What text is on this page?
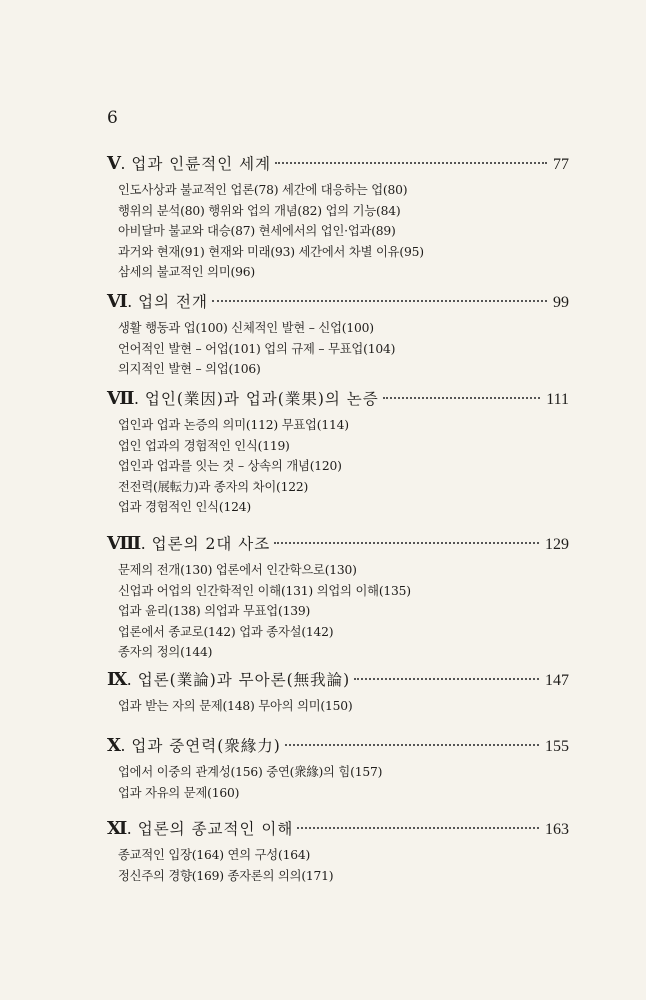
6
Ⅴ . 업과 인륜적인 세계	77
인도사상과 불교적인 업론(78) 세간에 대응하는 업(80)
행위의 분석(80) 행위와 업의 개념(82) 업의 기능(84)
아비달마 불교와 대승(87) 현세에서의 업인·업과(89)
과거와 현재(91) 현재와 미래(93) 세간에서 차별 이유(95)
삼세의 불교적인 의미(96)
Ⅵ . 업의 전개	99
생활 행동과 업(100) 신체적인 발현 – 신업(100)
언어적인 발현 – 어업(101) 업의 규제 – 무표업(104)
의지적인 발현 – 의업(106)
Ⅶ . 업인(業因)과 업과(業果)의 논증	111
업인과 업과 논증의 의미(112) 무표업(114)
업인 업과의 경험적인 인식(119)
업인과 업과를 잇는 것 – 상속의 개념(120)
전전력(展転力)과 종자의 차이(122)
업과 경험적인 인식(124)
Ⅷ . 업론의 2대 사조	129
문제의 전개(130) 업론에서 인간학으로(130)
신업과 어업의 인간학적인 이해(131) 의업의 이해(135)
업과 윤리(138) 의업과 무표업(139)
업론에서 종교로(142) 업과 종자설(142)
종자의 정의(144)
Ⅸ . 업론(業論)과 무아론(無我論)	147
업과 받는 자의 문제(148) 무아의 의미(150)
Ⅹ . 업과 중연력(衆緣力)	155
업에서 이중의 관계성(156) 중연(衆緣)의 힘(157)
업과 자유의 문제(160)
Ⅺ . 업론의 종교적인 이해	163
종교적인 입장(164) 연의 구성(164)
정신주의 경향(169) 종자론의 의의(171)
